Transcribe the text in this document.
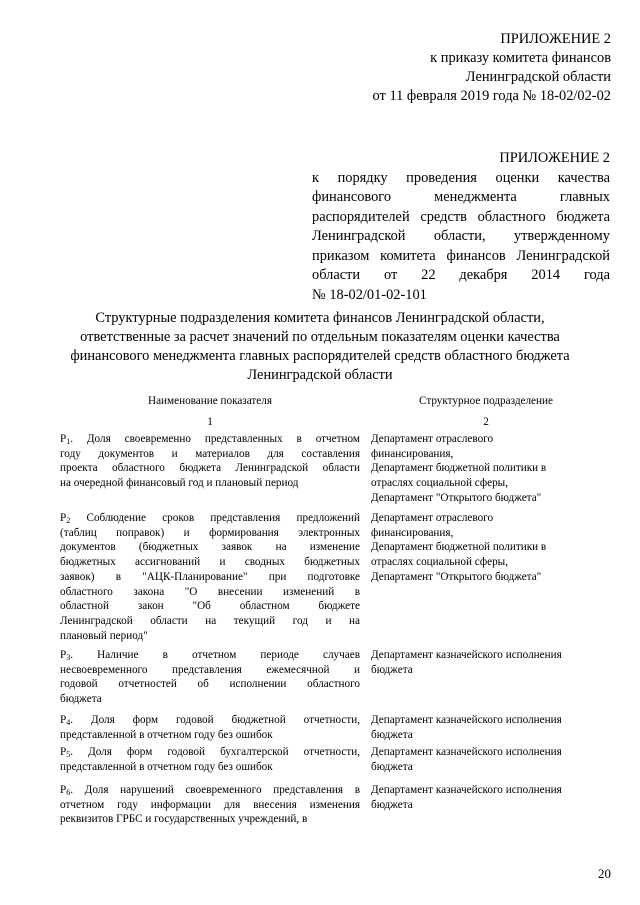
ПРИЛОЖЕНИЕ 2
к приказу комитета финансов
Ленинградской области
от 11 февраля 2019 года № 18-02/02-02
ПРИЛОЖЕНИЕ 2
к порядку проведения оценки качества
финансового менеджмента главных
распорядителей средств областного бюджета
Ленинградской области, утвержденному
приказом комитета финансов Ленинградской
области от 22 декабря 2014 года
№ 18-02/01-02-101
Структурные подразделения комитета финансов Ленинградской области,
ответственные за расчет значений по отдельным показателям оценки качества
финансового менеджмента главных распорядителей средств областного бюджета
Ленинградской области
Наименование показателя	Структурное подразделение
1	2
$P_1$. Доля своевременно представленных в отчетном
году документов и материалов для составления
проекта областного бюджета Ленинградской области
на очередной финансовый год и плановый период
Департамент отраслевого
финансирования,
Департамент бюджетной политики в
отраслях социальной сферы,
Департамент "Открытого бюджета"
$P_2$ Соблюдение сроков представления предложений
(таблиц поправок) и формирования электронных
документов (бюджетных заявок на изменение
бюджетных ассигнований и сводных бюджетных
заявок) в "АЦК-Планирование" при подготовке
областного закона "О внесении изменений в
областной закон "Об областном бюджете
Ленинградской области на текущий год и на
плановый период"
Департамент отраслевого
финансирования,
Департамент бюджетной политики в
отраслях социальной сферы,
Департамент "Открытого бюджета"
$P_3$. Наличие в отчетном периоде случаев
несвоевременного представления ежемесячной и
годовой отчетностей об исполнении областного
бюджета
Департамент казначейского исполнения
бюджета
$P_4$. Доля форм годовой бюджетной отчетности,
представленной в отчетном году без ошибок
Департамент казначейского исполнения
бюджета
$P_5$. Доля форм годовой бухгалтерской отчетности,
представленной в отчетном году без ошибок
Департамент казначейского исполнения
бюджета
$P_6$. Доля нарушений своевременного представления в
отчетном году информации для внесения изменения
реквизитов ГРБС и государственных учреждений, в
Департамент казначейского исполнения
бюджета
20
